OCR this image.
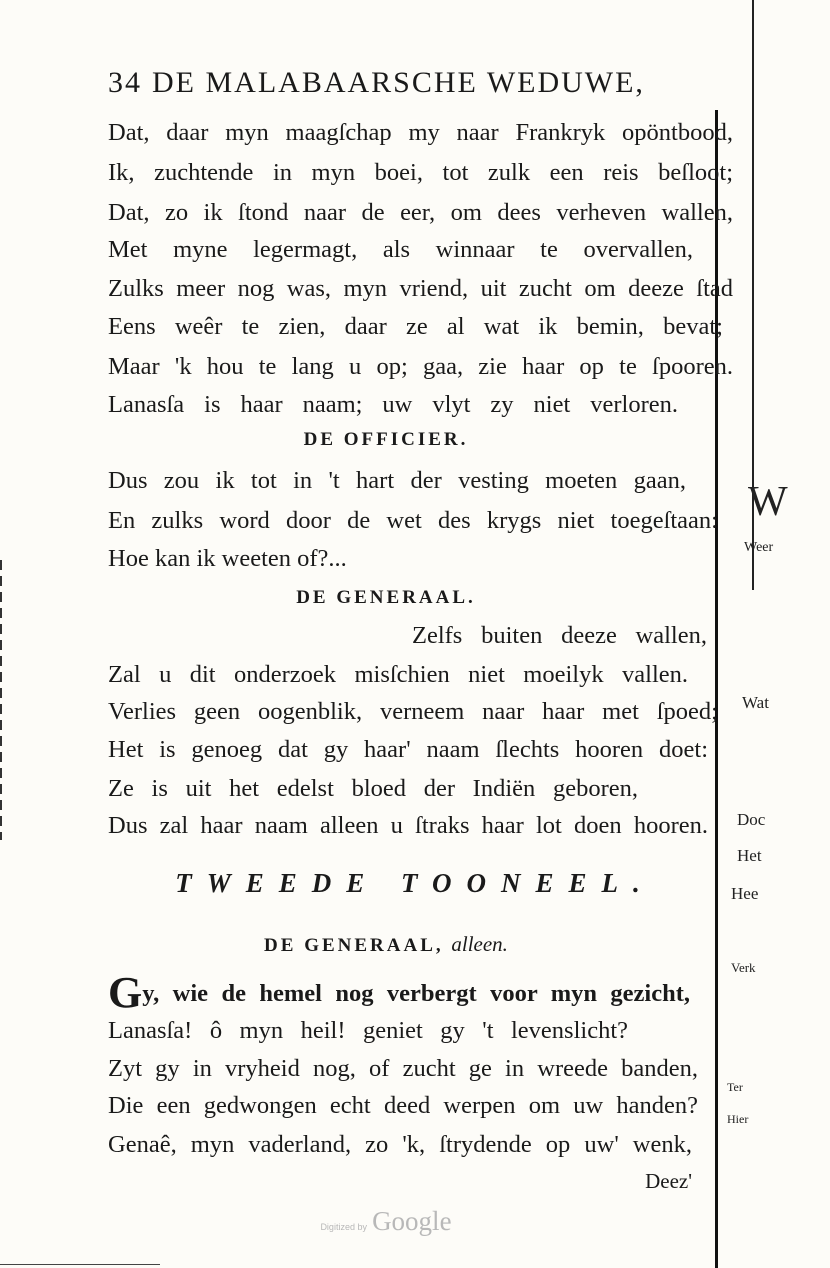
34 DE MALABAARSCHE WEDUWE,
Dat, daar myn maagſchap my naar Frankryk opöntbood,
Ik, zuchtende in myn boei, tot zulk een reis beſloot;
Dat, zo ik ſtond naar de eer, om dees verheven wallen,
Met myne legermagt, als winnaar te overvallen,
Zulks meer nog was, myn vriend, uit zucht om deeze ſtad
Eens weêr te zien, daar ze al wat ik bemin, bevat;
Maar 'k hou te lang u op; gaa, zie haar op te ſpooren.
Lanasſa is haar naam; uw vlyt zy niet verloren.
DE OFFICIER.
Dus zou ik tot in 't hart der vesting moeten gaan,
En zulks word door de wet des krygs niet toegeſtaan:
Hoe kan ik weeten of?...
DE GENERAAL.
Zelfs buiten deeze wallen,
Zal u dit onderzoek misſchien niet moeilyk vallen.
Verlies geen oogenblik, verneem naar haar met ſpoed;
Het is genoeg dat gy haar' naam ſlechts hooren doet:
Ze is uit het edelst bloed der Indiën geboren,
Dus zal haar naam alleen u ſtraks haar lot doen hooren.
TWEEDE TOONEEL.
DE GENERAAL, alleen.
Gy, wie de hemel nog verbergt voor myn gezicht,
Lanasſa! ô myn heil! geniet gy 't levenslicht?
Zyt gy in vryheid nog, of zucht ge in wreede banden,
Die een gedwongen echt deed werpen om uw handen?
Genaê, myn vaderland, zo 'k, ſtrydende op uw' wenk,
Deez'
W
Weer
Wat
Doc
Het
Hee
Verk
Ter
Hier
Digitized by Google
